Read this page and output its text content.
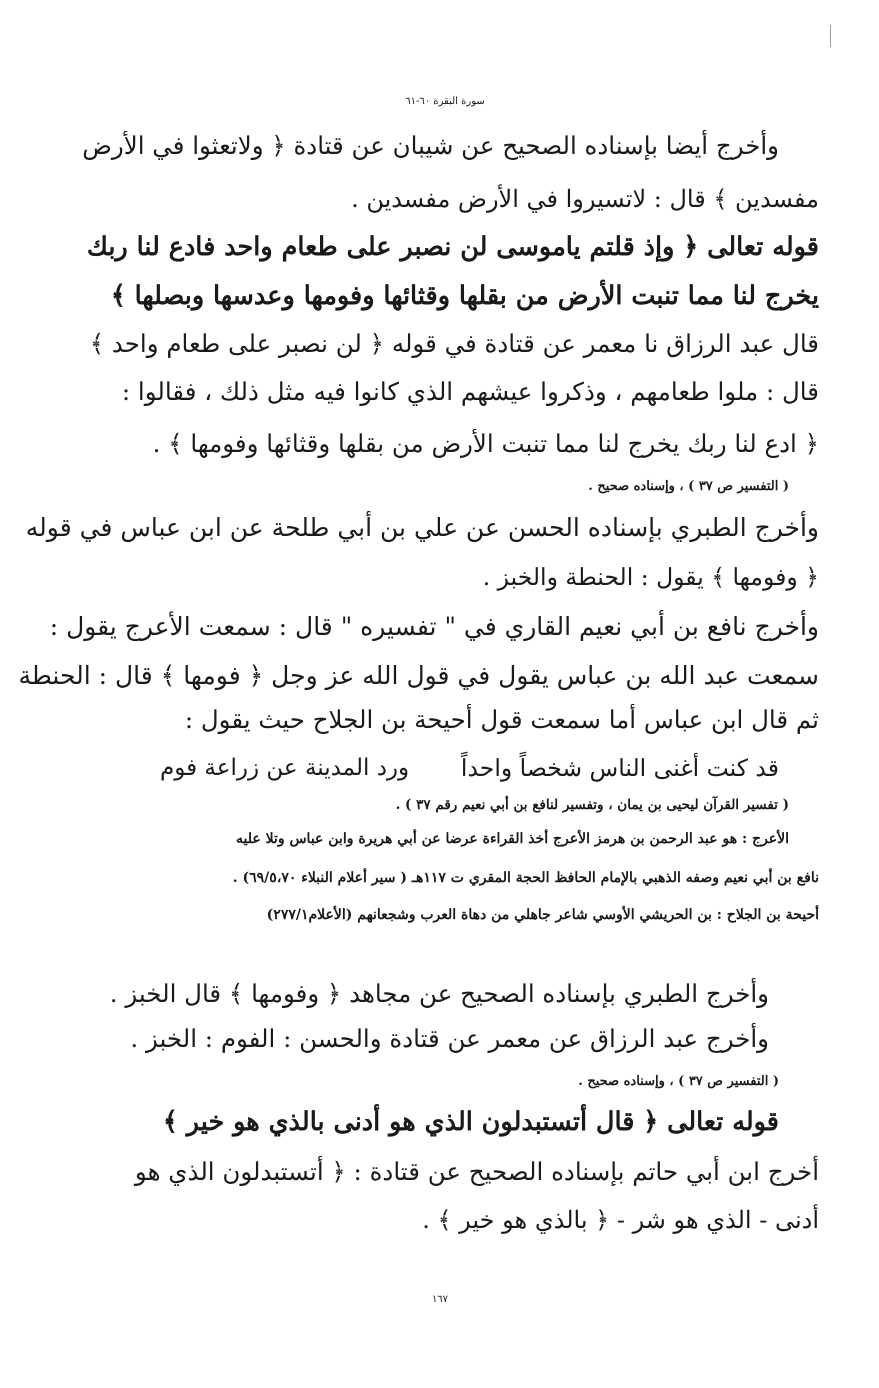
سورة البقرة ٦٠-٦١

وأخرج أيضا بإسناده الصحيح عن شيبان عن قتادة ﴿ ولاتعثوا في الأرض

مفسدين ﴾ قال : لاتسيروا في الأرض مفسدين .

قوله تعالى ﴿ وإذ قلتم ياموسى لن نصبر على طعام واحد فادع لنا ربك

يخرج لنا مما تنبت الأرض من بقلها وقثائها وفومها وعدسها وبصلها ﴾

قال عبد الرزاق نا معمر عن قتادة في قوله ﴿ لن نصبر على طعام واحد ﴾

قال : ملوا طعامهم ، وذكروا عيشهم الذي كانوا فيه مثل ذلك ، فقالوا :

﴿ ادع لنا ربك يخرج لنا مما تنبت الأرض من بقلها وقثائها وفومها ﴾ .

( التفسير ص ٣٧ ) ، وإسناده صحيح .

وأخرج الطبري بإسناده الحسن عن علي بن أبي طلحة عن ابن عباس في قوله

﴿ وفومها ﴾ يقول : الحنطة والخبز .

وأخرج نافع بن أبي نعيم القاري في " تفسيره " قال : سمعت الأعرج يقول :

سمعت عبد الله بن عباس يقول في قول الله عز وجل ﴿ فومها ﴾ قال : الحنطة

ثم قال ابن عباس أما سمعت قول أحيحة بن الجلاح حيث يقول :

قد كنت أغنى الناس شخصاً واحداً

ورد المدينة عن زراعة فوم

( تفسير القرآن ليحيى بن يمان ، وتفسير لنافع بن أبي نعيم رقم ٣٧ ) .

الأعرج : هو عبد الرحمن بن هرمز الأعرج أخذ القراءة عرضا عن أبي هريرة وابن عباس وتلا عليه

نافع بن أبي نعيم وصفه الذهبي بالإمام الحافظ الحجة المقري ت ١١٧هـ ( سير أعلام النبلاء ٦٩/٥،٧٠) .

أحيحة بن الجلاح : بن الحريشي الأوسي شاعر جاهلي من دهاة العرب وشجعانهم (الأعلام٢٧٧/١)

وأخرج الطبري بإسناده الصحيح عن مجاهد ﴿ وفومها ﴾ قال الخبز .

وأخرج عبد الرزاق عن معمر عن قتادة والحسن : الفوم : الخبز .

( التفسير ص ٣٧ ) ، وإسناده صحيح .

قوله تعالى ﴿ قال أتستبدلون الذي هو أدنى بالذي هو خير ﴾

أخرج ابن أبي حاتم بإسناده الصحيح عن قتادة : ﴿ أتستبدلون الذي هو

أدنى - الذي هو شر - ﴿ بالذي هو خير ﴾ .

١٦٧
